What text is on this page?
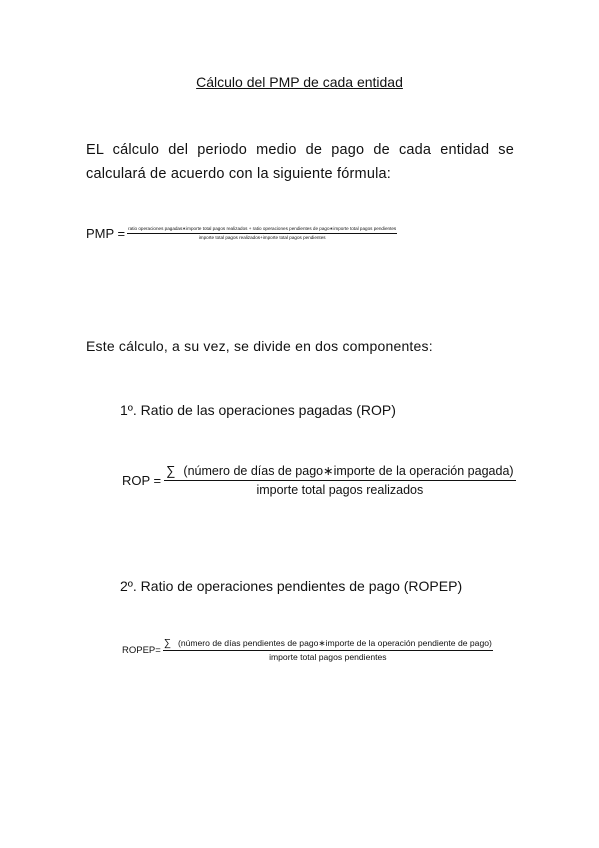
Cálculo del PMP de cada entidad
EL cálculo del periodo medio de pago de cada entidad se
calculará de acuerdo con la siguiente fórmula:
PMP = ratio operaciones pagadas∗importe total pagos realizados + ratio operaciones pendientes de pago∗importe total pagos pendientes
importe total pagos realizados+importe total pagos pendientes
Este cálculo, a su vez, se divide en dos componentes:
1º. Ratio de las operaciones pagadas (ROP)
ROP = $\frac{\text{∑ (número de días de pago∗importe de la operación pagada)}}{\text{importe total pagos realizados}}$
2º. Ratio de operaciones pendientes de pago (ROPEP)
ROPEP=
∑ (número de días pendientes de pago∗importe de la operación pendiente de pago)
importe total pagos pendientes
